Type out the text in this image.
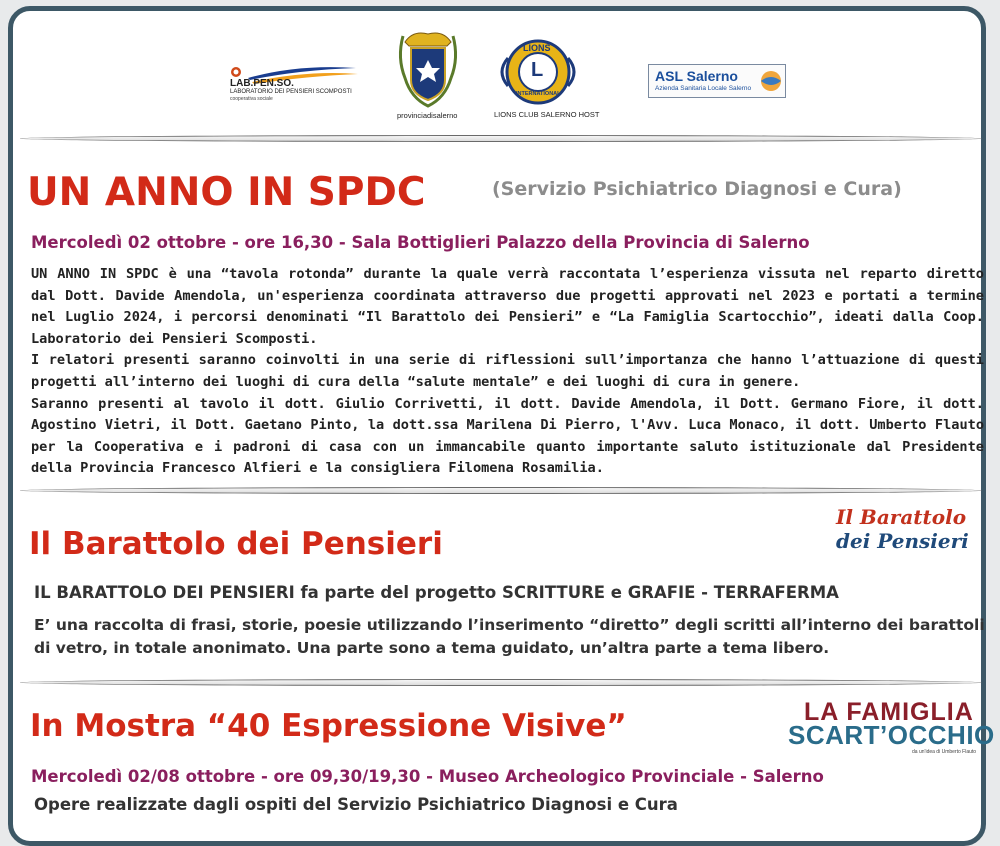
LAB.PEN.SO.
LABORATORIO DEI PENSIERI SCOMPOSTI
cooperativa sociale
provinciadisalerno
LIONS
L
INTERNATIONAL
LIONS CLUB SALERNO HOST
ASL Salerno
Azienda Sanitaria Locale Salerno
UN ANNO IN SPDC	(Servizio Psichiatrico Diagnosi e Cura)
Mercoledì 02 ottobre - ore 16,30 - Sala Bottiglieri Palazzo della Provincia di Salerno

UN ANNO IN SPDC è una “tavola rotonda” durante la quale verrà raccontata l’esperienza vissuta nel reparto diretto dal Dott. Davide Amendola, un'esperienza coordinata attraverso due progetti approvati nel 2023 e portati a termine nel Luglio 2024, i percorsi denominati “Il Barattolo dei Pensieri” e “La Famiglia Scartocchio”, ideati dalla Coop. Laboratorio dei Pensieri Scomposti.

I relatori presenti saranno coinvolti in una serie di riflessioni sull’importanza che hanno l’attuazione di questi progetti all’interno dei luoghi di cura della “salute mentale” e dei luoghi di cura in genere.

Saranno presenti al tavolo il dott. Giulio Corrivetti, il dott. Davide Amendola, il Dott. Germano Fiore, il dott. Agostino Vietri, il Dott. Gaetano Pinto, la dott.ssa Marilena Di Pierro, l'Avv. Luca Monaco, il dott. Umberto Flauto per la Cooperativa e i padroni di casa con un immancabile quanto importante saluto istituzionale dal Presidente della Provincia Francesco Alfieri e la consigliera Filomena Rosamilia.

Il Barattolo dei Pensieri
Il Barattolo
dei Pensieri
IL BARATTOLO DEI PENSIERI fa parte del progetto SCRITTURE e GRAFIE - TERRAFERMA
E’ una raccolta di frasi, storie, poesie utilizzando l’inserimento “diretto” degli scritti all’interno dei barattoli di vetro, in totale anonimato. Una parte sono a tema guidato, un’altra parte a tema libero.
In Mostra “40 Espressione Visive”	LA FAMIGLIA
SCART’OCCHIO
da un'idea di Umberto Flauto
Mercoledì 02/08 ottobre - ore 09,30/19,30 - Museo Archeologico Provinciale - Salerno
Opere realizzate dagli ospiti del Servizio Psichiatrico Diagnosi e Cura
